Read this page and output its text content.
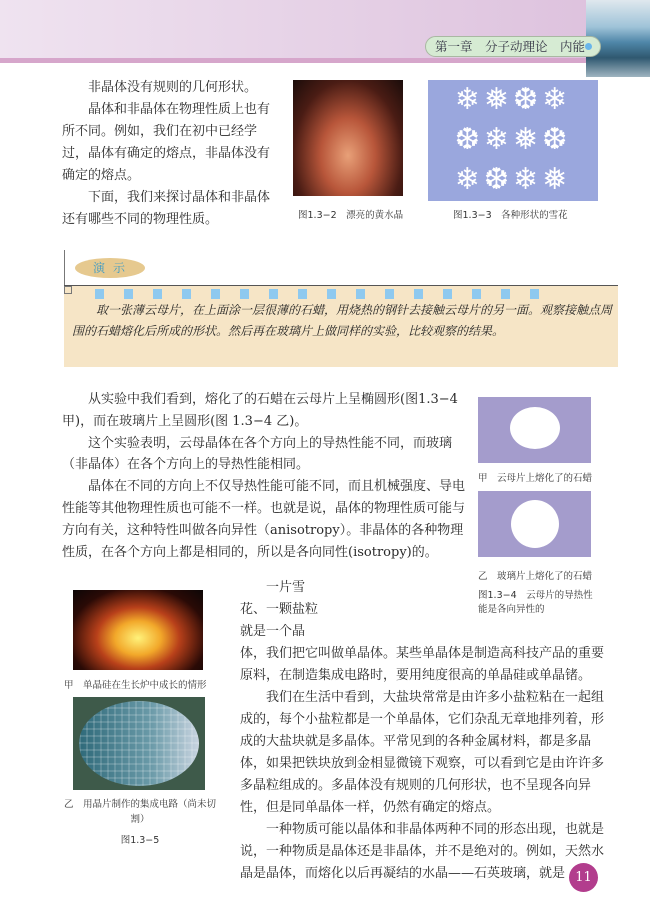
第一章　分子动理论　内能

非晶体没有规则的几何形状。

晶体和非晶体在物理性质上也有所不同。例如，我们在初中已经学过，晶体有确定的熔点，非晶体没有确定的熔点。

下面，我们来探讨晶体和非晶体还有哪些不同的物理性质。	图1.3−2　漂亮的黄水晶
❄❅❆❄
❆❄❅❆
❄❆❄❅
图1.3−3　各种形状的雪花
演示
取一张薄云母片，在上面涂一层很薄的石蜡，用烧热的钢针去接触云母片的另一面。观察接触点周围的石蜡熔化后所成的形状。然后再在玻璃片上做同样的实验，比较观察的结果。

从实验中我们看到，熔化了的石蜡在云母片上呈椭圆形(图1.3−4甲)，而在玻璃片上呈圆形(图 1.3−4 乙)。

这个实验表明，云母晶体在各个方向上的导热性能不同，而玻璃（非晶体）在各个方向上的导热性能相同。

晶体在不同的方向上不仅导热性能可能不同，而且机械强度、导电性能等其他物理性质也可能不一样。也就是说，晶体的物理性质可能与方向有关，这种特性叫做各向异性（anisotropy）。非晶体的各种物理性质，在各个方向上都是相同的，所以是各向同性(isotropy)的。

甲　云母片上熔化了的石蜡
乙　玻璃片上熔化了的石蜡
图1.3−4　云母片的导热性能是各向异性的
甲　单晶硅在生长炉中成长的情形
乙　用晶片制作的集成电路（尚未切割）
图1.3−5

一片雪花、一颗盐粒就是一个晶体，我们把它叫做单晶体。某些单晶体是制造高科技产品的重要原料，在制造集成电路时，要用纯度很高的单晶硅或单晶锗。

我们在生活中看到，大盐块常常是由许多小盐粒粘在一起组成的，每个小盐粒都是一个单晶体，它们杂乱无章地排列着，形成的大盐块就是多晶体。平常见到的各种金属材料，都是多晶体，如果把铁块放到金相显微镜下观察，可以看到它是由许许多多晶粒组成的。多晶体没有规则的几何形状，也不呈现各向异性，但是同单晶体一样，仍然有确定的熔点。

一种物质可能以晶体和非晶体两种不同的形态出现，也就是说，一种物质是晶体还是非晶体，并不是绝对的。例如，天然水晶是晶体，而熔化以后再凝结的水晶——石英玻璃，就是 11
